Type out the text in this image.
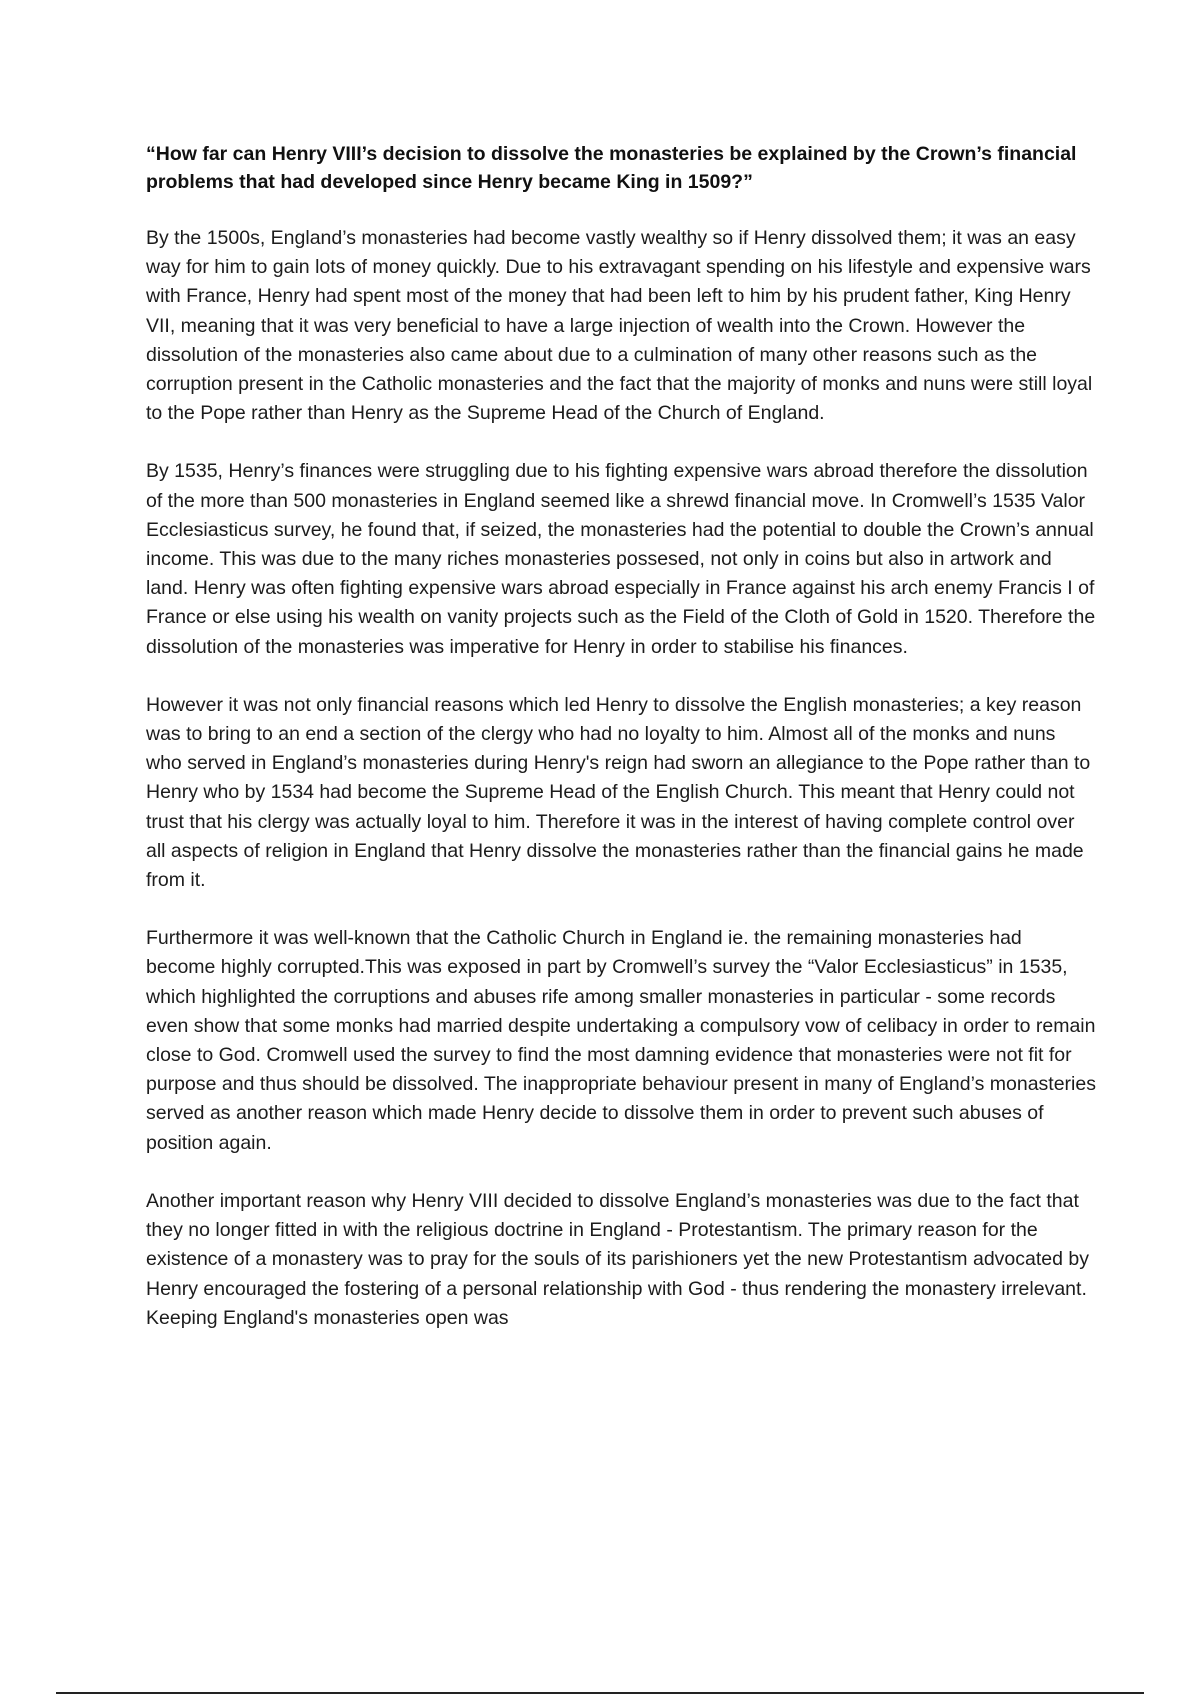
“How far can Henry VIII’s decision to dissolve the monasteries be explained by the Crown’s financial problems that had developed since Henry became King in 1509?”

By the 1500s, England’s monasteries had become vastly wealthy so if Henry dissolved them; it was an easy way for him to gain lots of money quickly. Due to his extravagant spending on his lifestyle and expensive wars with France, Henry had spent most of the money that had been left to him by his prudent father, King Henry VII, meaning that it was very beneficial to have a large injection of wealth into the Crown. However the dissolution of the monasteries also came about due to a culmination of many other reasons such as the corruption present in the Catholic monasteries and the fact that the majority of monks and nuns were still loyal to the Pope rather than Henry as the Supreme Head of the Church of England.

By 1535, Henry’s finances were struggling due to his fighting expensive wars abroad therefore the dissolution of the more than 500 monasteries in England seemed like a shrewd financial move. In Cromwell’s 1535 Valor Ecclesiasticus survey, he found that, if seized, the monasteries had the potential to double the Crown’s annual income. This was due to the many riches monasteries possesed, not only in coins but also in artwork and land. Henry was often fighting expensive wars abroad especially in France against his arch enemy Francis I of France or else using his wealth on vanity projects such as the Field of the Cloth of Gold in 1520. Therefore the dissolution of the monasteries was imperative for Henry in order to stabilise his finances.

However it was not only financial reasons which led Henry to dissolve the English monasteries; a key reason was to bring to an end a section of the clergy who had no loyalty to him. Almost all of the monks and nuns who served in England’s monasteries during Henry's reign had sworn an allegiance to the Pope rather than to Henry who by 1534 had become the Supreme Head of the English Church. This meant that Henry could not trust that his clergy was actually loyal to him. Therefore it was in the interest of having complete control over all aspects of religion in England that Henry dissolve the monasteries rather than the financial gains he made from it.

Furthermore it was well-known that the Catholic Church in England ie. the remaining monasteries had become highly corrupted.This was exposed in part by Cromwell’s survey the “Valor Ecclesiasticus” in 1535, which highlighted the corruptions and abuses rife among smaller monasteries in particular - some records even show that some monks had married despite undertaking a compulsory vow of celibacy in order to remain close to God. Cromwell used the survey to find the most damning evidence that monasteries were not fit for purpose and thus should be dissolved. The inappropriate behaviour present in many of England’s monasteries served as another reason which made Henry decide to dissolve them in order to prevent such abuses of position again.

Another important reason why Henry VIII decided to dissolve England’s monasteries was due to the fact that they no longer fitted in with the religious doctrine in England - Protestantism. The primary reason for the existence of a monastery was to pray for the souls of its parishioners yet the new Protestantism advocated by Henry encouraged the fostering of a personal relationship with God - thus rendering the monastery irrelevant. Keeping England's monasteries open was
